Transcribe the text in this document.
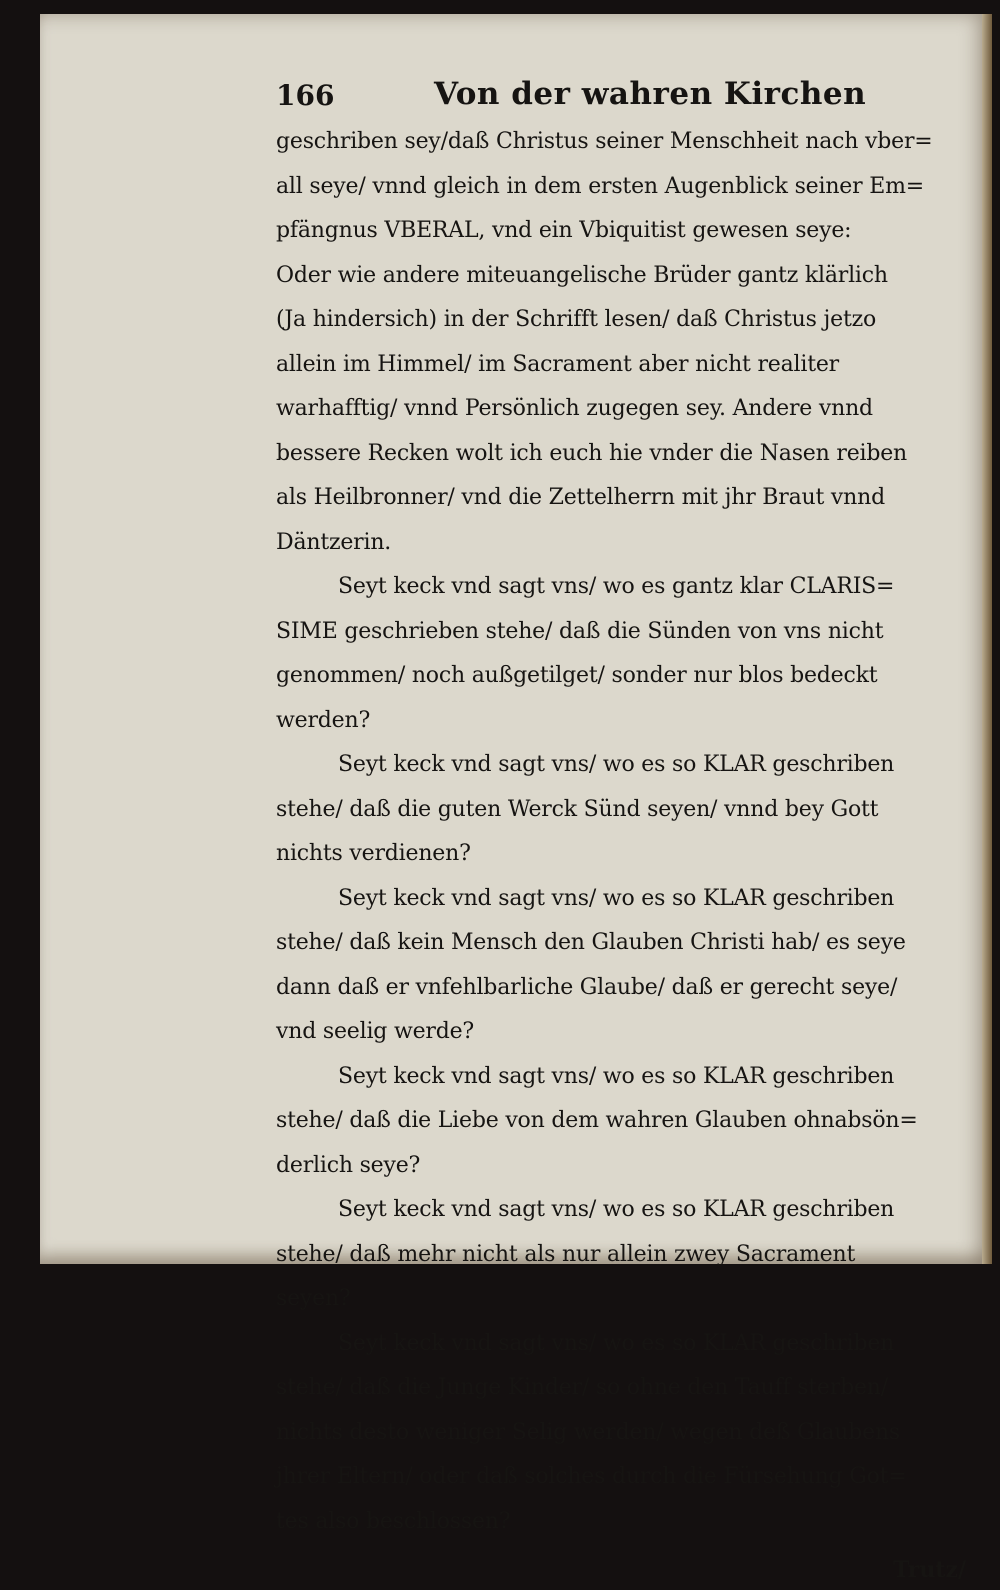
166	Von der wahren Kirchen
geschriben sey/daß Christus seiner Menschheit nach vber=
all seye/ vnnd gleich in dem ersten Augenblick seiner Em=
pfängnus VBERAL, vnd ein Vbiquitist gewesen seye:
Oder wie andere miteuangelische Brüder gantz klärlich
(Ja hindersich) in der Schrifft lesen/ daß Christus jetzo
allein im Himmel/ im Sacrament aber nicht realiter
warhafftig/ vnnd Persönlich zugegen sey. Andere vnnd
bessere Recken wolt ich euch hie vnder die Nasen reiben
als Heilbronner/ vnd die Zettelherrn mit jhr Braut vnnd
Däntzerin.
Seyt keck vnd sagt vns/ wo es gantz klar CLARIS=
SIME geschrieben stehe/ daß die Sünden von vns nicht
genommen/ noch außgetilget/ sonder nur blos bedeckt
werden?
Seyt keck vnd sagt vns/ wo es so KLAR geschriben
stehe/ daß die guten Werck Sünd seyen/ vnnd bey Gott
nichts verdienen?
Seyt keck vnd sagt vns/ wo es so KLAR geschriben
stehe/ daß kein Mensch den Glauben Christi hab/ es seye
dann daß er vnfehlbarliche Glaube/ daß er gerecht seye/
vnd seelig werde?
Seyt keck vnd sagt vns/ wo es so KLAR geschriben
stehe/ daß die Liebe von dem wahren Glauben ohnabsön=
derlich seye?
Seyt keck vnd sagt vns/ wo es so KLAR geschriben
stehe/ daß mehr nicht als nur allein zwey Sacrament
seyen?
Seyt keck vnd sagt vns/ wo es so KLAR geschriben
stehe/ daß die Junge Kinder/ so ohne den Tauff sterben/
nichts desto weniger Selig werden/ wegen deß Glaubens
jhrer Eltern/ oder daß solches durch die Fürsehung Got=
tes also beschlossen?
Trutz/
